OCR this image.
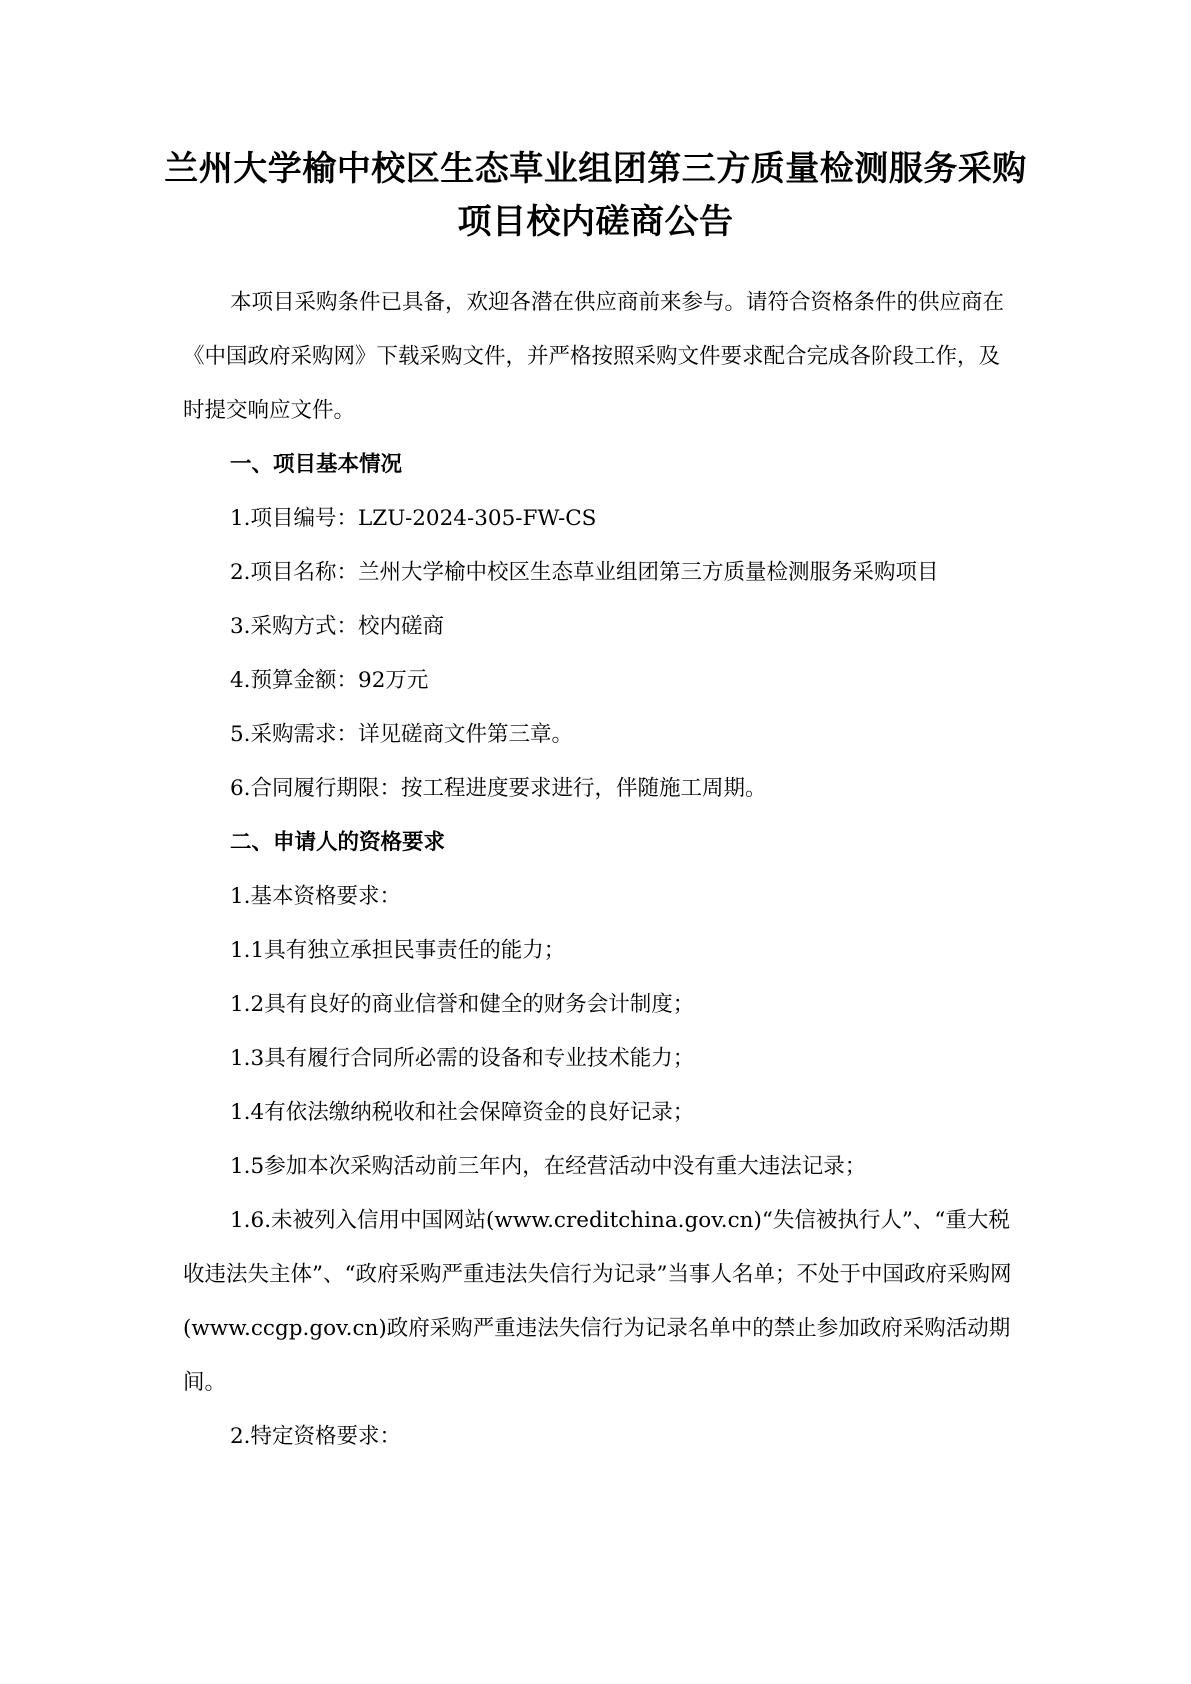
兰州大学榆中校区生态草业组团第三方质量检测服务采购项目校内磋商公告

本项目采购条件已具备，欢迎各潜在供应商前来参与。请符合资格条件的供应商在《中国政府采购网》下载采购文件，并严格按照采购文件要求配合完成各阶段工作，及时提交响应文件。

一、项目基本情况

1.项目编号：LZU-2024-305-FW-CS

2.项目名称：兰州大学榆中校区生态草业组团第三方质量检测服务采购项目

3.采购方式：校内磋商

4.预算金额：92万元

5.采购需求：详见磋商文件第三章。

6.合同履行期限：按工程进度要求进行，伴随施工周期。

二、申请人的资格要求

1.基本资格要求：

1.1具有独立承担民事责任的能力；

1.2具有良好的商业信誉和健全的财务会计制度；

1.3具有履行合同所必需的设备和专业技术能力；

1.4有依法缴纳税收和社会保障资金的良好记录；

1.5参加本次采购活动前三年内，在经营活动中没有重大违法记录；

1.6.未被列入信用中国网站(www.creditchina.gov.cn)“失信被执行人”、“重大税收违法失主体”、“政府采购严重违法失信行为记录”当事人名单；不处于中国政府采购网(www.ccgp.gov.cn)政府采购严重违法失信行为记录名单中的禁止参加政府采购活动期间。

2.特定资格要求：
